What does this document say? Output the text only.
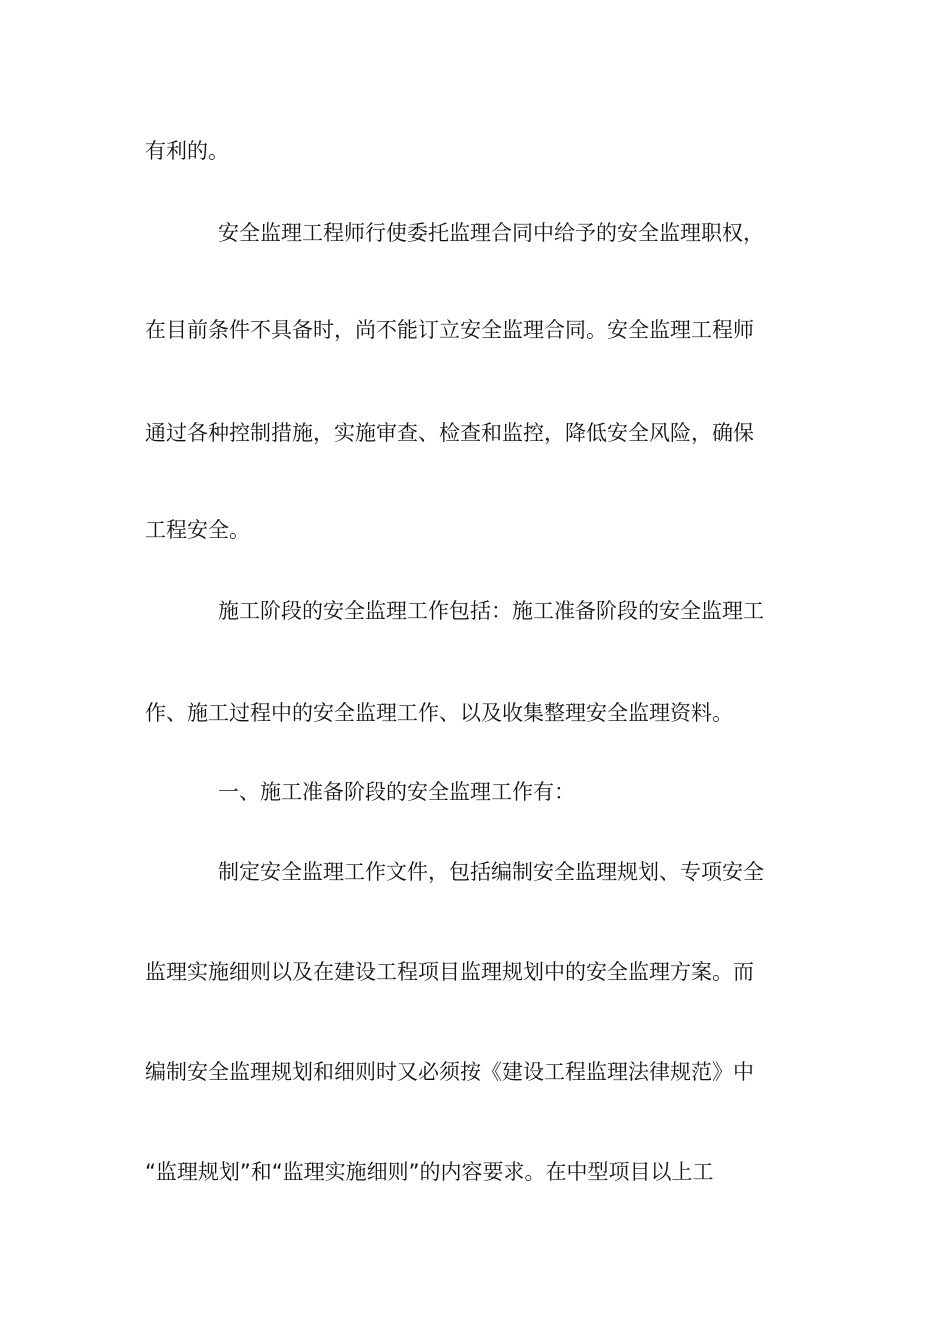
有利的。
安全监理工程师行使委托监理合同中给予的安全监理职权，
在目前条件不具备时，尚不能订立安全监理合同。安全监理工程师
通过各种控制措施，实施审查、检查和监控，降低安全风险，确保
工程安全。
施工阶段的安全监理工作包括：施工准备阶段的安全监理工
作、施工过程中的安全监理工作、以及收集整理安全监理资料。
一、施工准备阶段的安全监理工作有：
制定安全监理工作文件，包括编制安全监理规划、专项安全
监理实施细则以及在建设工程项目监理规划中的安全监理方案。而
编制安全监理规划和细则时又必须按《建设工程监理法律规范》中
“监理规划”和“监理实施细则”的内容要求。在中型项目以上工
